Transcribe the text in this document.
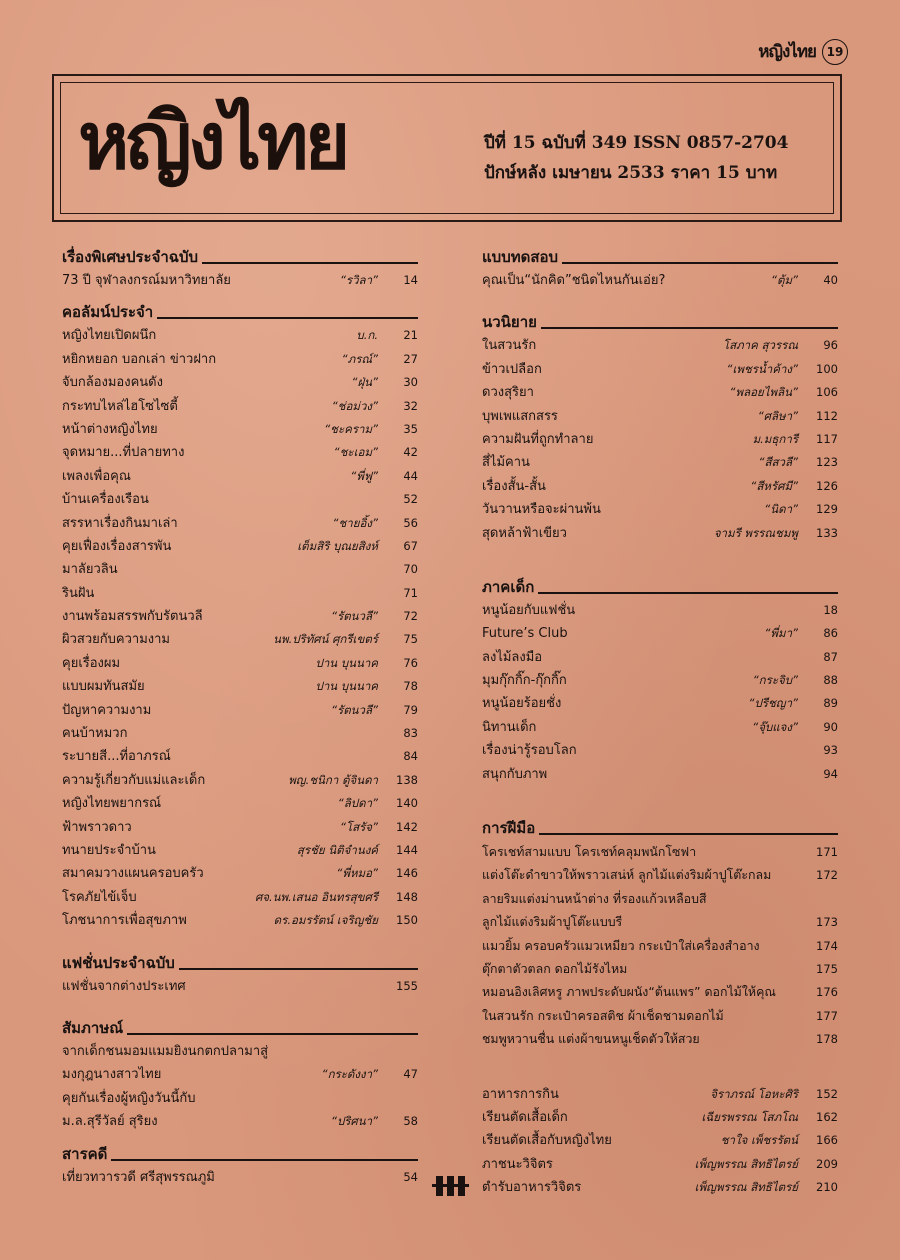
หญิงไทย 19
หญิงไทย	ปีที่ 15 ฉบับที่ 349 ISSN 0857-2704
ปักษ์หลัง เมษายน 2533 ราคา 15 บาท
เรื่องพิเศษประจำฉบับ
73 ปี จุฬาลงกรณ์มหาวิทยาลัย	“รวิลา”	14
คอลัมน์ประจำ
หญิงไทยเปิดผนึก	บ.ก.	21
หยิกหยอก บอกเล่า ข่าวฝาก	“ภรณ์”	27
จับกล้องมองคนดัง	“ฝุ่น”	30
กระทบไหล่ไฮโซไซตี้	“ช่อม่วง”	32
หน้าต่างหญิงไทย	“ชะคราม”	35
จุดหมาย...ที่ปลายทาง	“ชะเอม”	42
เพลงเพื่อคุณ	“พี่ฟู”	44
บ้านเครื่องเรือน	52
สรรหาเรื่องกินมาเล่า	“ชายอิ้ง”	56
คุยเฟื่องเรื่องสารพัน	เต็มสิริ บุณยสิงห์	67
มาลัยวลิน	70
รินฝัน	71
งานพร้อมสรรพกับรัตนวลี	“รัตนวลี”	72
ผิวสวยกับความงาม	นพ.ปริทัศน์ ศุกรีเขตร์	75
คุยเรื่องผม	ปาน บุนนาค	76
แบบผมทันสมัย	ปาน บุนนาค	78
ปัญหาความงาม	“รัตนวลี”	79
คนบ้าหมวก	83
ระบายสี...ที่อาภรณ์	84
ความรู้เกี่ยวกับแม่และเด็ก	พญ.ชนิกา ตู้จินดา	138
หญิงไทยพยากรณ์	“ลิปดา”	140
ฟ้าพราวดาว	“โสรัจ”	142
ทนายประจำบ้าน	สุรชัย นิติจำนงค์	144
สมาคมวางแผนครอบครัว	“พี่หมอ”	146
โรคภัยไข้เจ็บ	ศจ.นพ.เสนอ อินทรสุขศรี	148
โภชนาการเพื่อสุขภาพ	ดร.อมรรัตน์ เจริญชัย	150
แฟชั่นประจำฉบับ
แฟชั่นจากต่างประเทศ	155
สัมภาษณ์
จากเด็กชนมอมแมมยิงนกตกปลามาสู่
มงกุฎนางสาวไทย	“กระดังงา”	47
คุยกันเรื่องผู้หญิงวันนี้กับ
ม.ล.สุรีวัลย์ สุริยง	“ปริศนา”	58
สารคดี
เที่ยวทวารวดี ศรีสุพรรณภูมิ	54
แบบทดสอบ
คุณเป็น“นักคิด”ชนิดไหนกันเอ่ย?	“ตุ้ม”	40
นวนิยาย
ในสวนรัก	โสภาค สุวรรณ	96
ข้าวเปลือก	“เพชรน้ำค้าง”	100
ดวงสุริยา	“พลอยไพลิน”	106
บุพเพแสกสรร	“ศลิษา”	112
ความฝันที่ถูกทำลาย	ม.มธุการี	117
สี่ไม้คาน	“สีสวลี”	123
เรื่องสั้น-สั้น	“สีหรัศมี”	126
วันวานหรือจะผ่านพ้น	“นิดา”	129
สุดหล้าฟ้าเขียว	จามรี พรรณชมพู	133
ภาคเด็ก
หนูน้อยกับแฟชั่น	18
Future’s Club	“พี่มา”	86
ลงไม้ลงมือ	87
มุมกุ๊กกิ๊ก-กุ๊กกิ๊ก	“กระจิบ”	88
หนูน้อยร้อยชั่ง	“ปรีชญา”	89
นิทานเด็ก	“จุ๊บแจง”	90
เรื่องน่ารู้รอบโลก	93
สนุกกับภาพ	94
การฝีมือ
โครเชท์สามแบบ โครเชท์คลุมพนักโซฟา	171
แต่งโต๊ะดำขาวให้พราวเสน่ห์ ลูกไม้แต่งริมผ้าปูโต๊ะกลม	172
ลายริมแต่งม่านหน้าต่าง ที่รองแก้วเหลือบสี
ลูกไม้แต่งริมผ้าปูโต๊ะแบบรี	173
แมวยิ้ม ครอบครัวแมวเหมียว กระเป๋าใส่เครื่องสำอาง	174
ตุ๊กตาตัวตลก ดอกไม้รังไหม	175
หมอนอิงเลิศหรู ภาพประดับผนัง“ต้นแพร” ดอกไม้ให้คุณ	176
ในสวนรัก กระเป๋าครอสติช ผ้าเช็ดชามดอกไม้	177
ชมพูหวานชื่น แต่งผ้าขนหนูเช็ดตัวให้สวย	178
อาหารการกิน	จิราภรณ์ โอหะศิริ	152
เรียนตัดเสื้อเด็ก	เฉียรพรรณ โสภโณ	162
เรียนตัดเสื้อกับหญิงไทย	ชาใจ เพ็ชรรัตน์	166
ภาชนะวิจิตร	เพ็ญพรรณ สิทธิไตรย์	209
ตำรับอาหารวิจิตร	เพ็ญพรรณ สิทธิไตรย์	210
